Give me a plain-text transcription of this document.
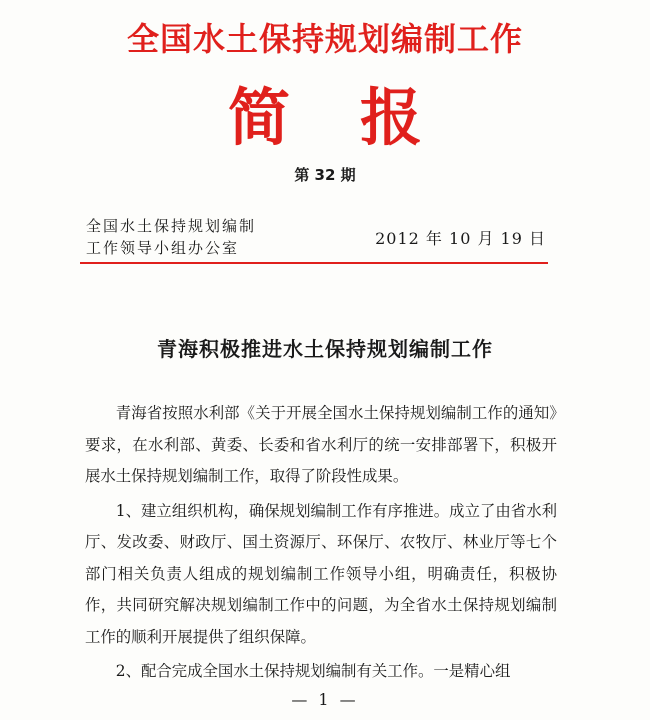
全国水土保持规划编制工作
简报
第 32 期
全国水土保持规划编制
工作领导小组办公室	2012 年 10 月 19 日
青海积极推进水土保持规划编制工作

青海省按照水利部《关于开展全国水土保持规划编制工作的通知》要求，在水利部、黄委、长委和省水利厅的统一安排部署下，积极开展水土保持规划编制工作，取得了阶段性成果。

1、建立组织机构，确保规划编制工作有序推进。成立了由省水利厅、发改委、财政厅、国土资源厅、环保厅、农牧厅、林业厅等七个部门相关负责人组成的规划编制工作领导小组，明确责任，积极协作，共同研究解决规划编制工作中的问题，为全省水土保持规划编制工作的顺利开展提供了组织保障。

2、配合完成全国水土保持规划编制有关工作。一是精心组

— 1 —
